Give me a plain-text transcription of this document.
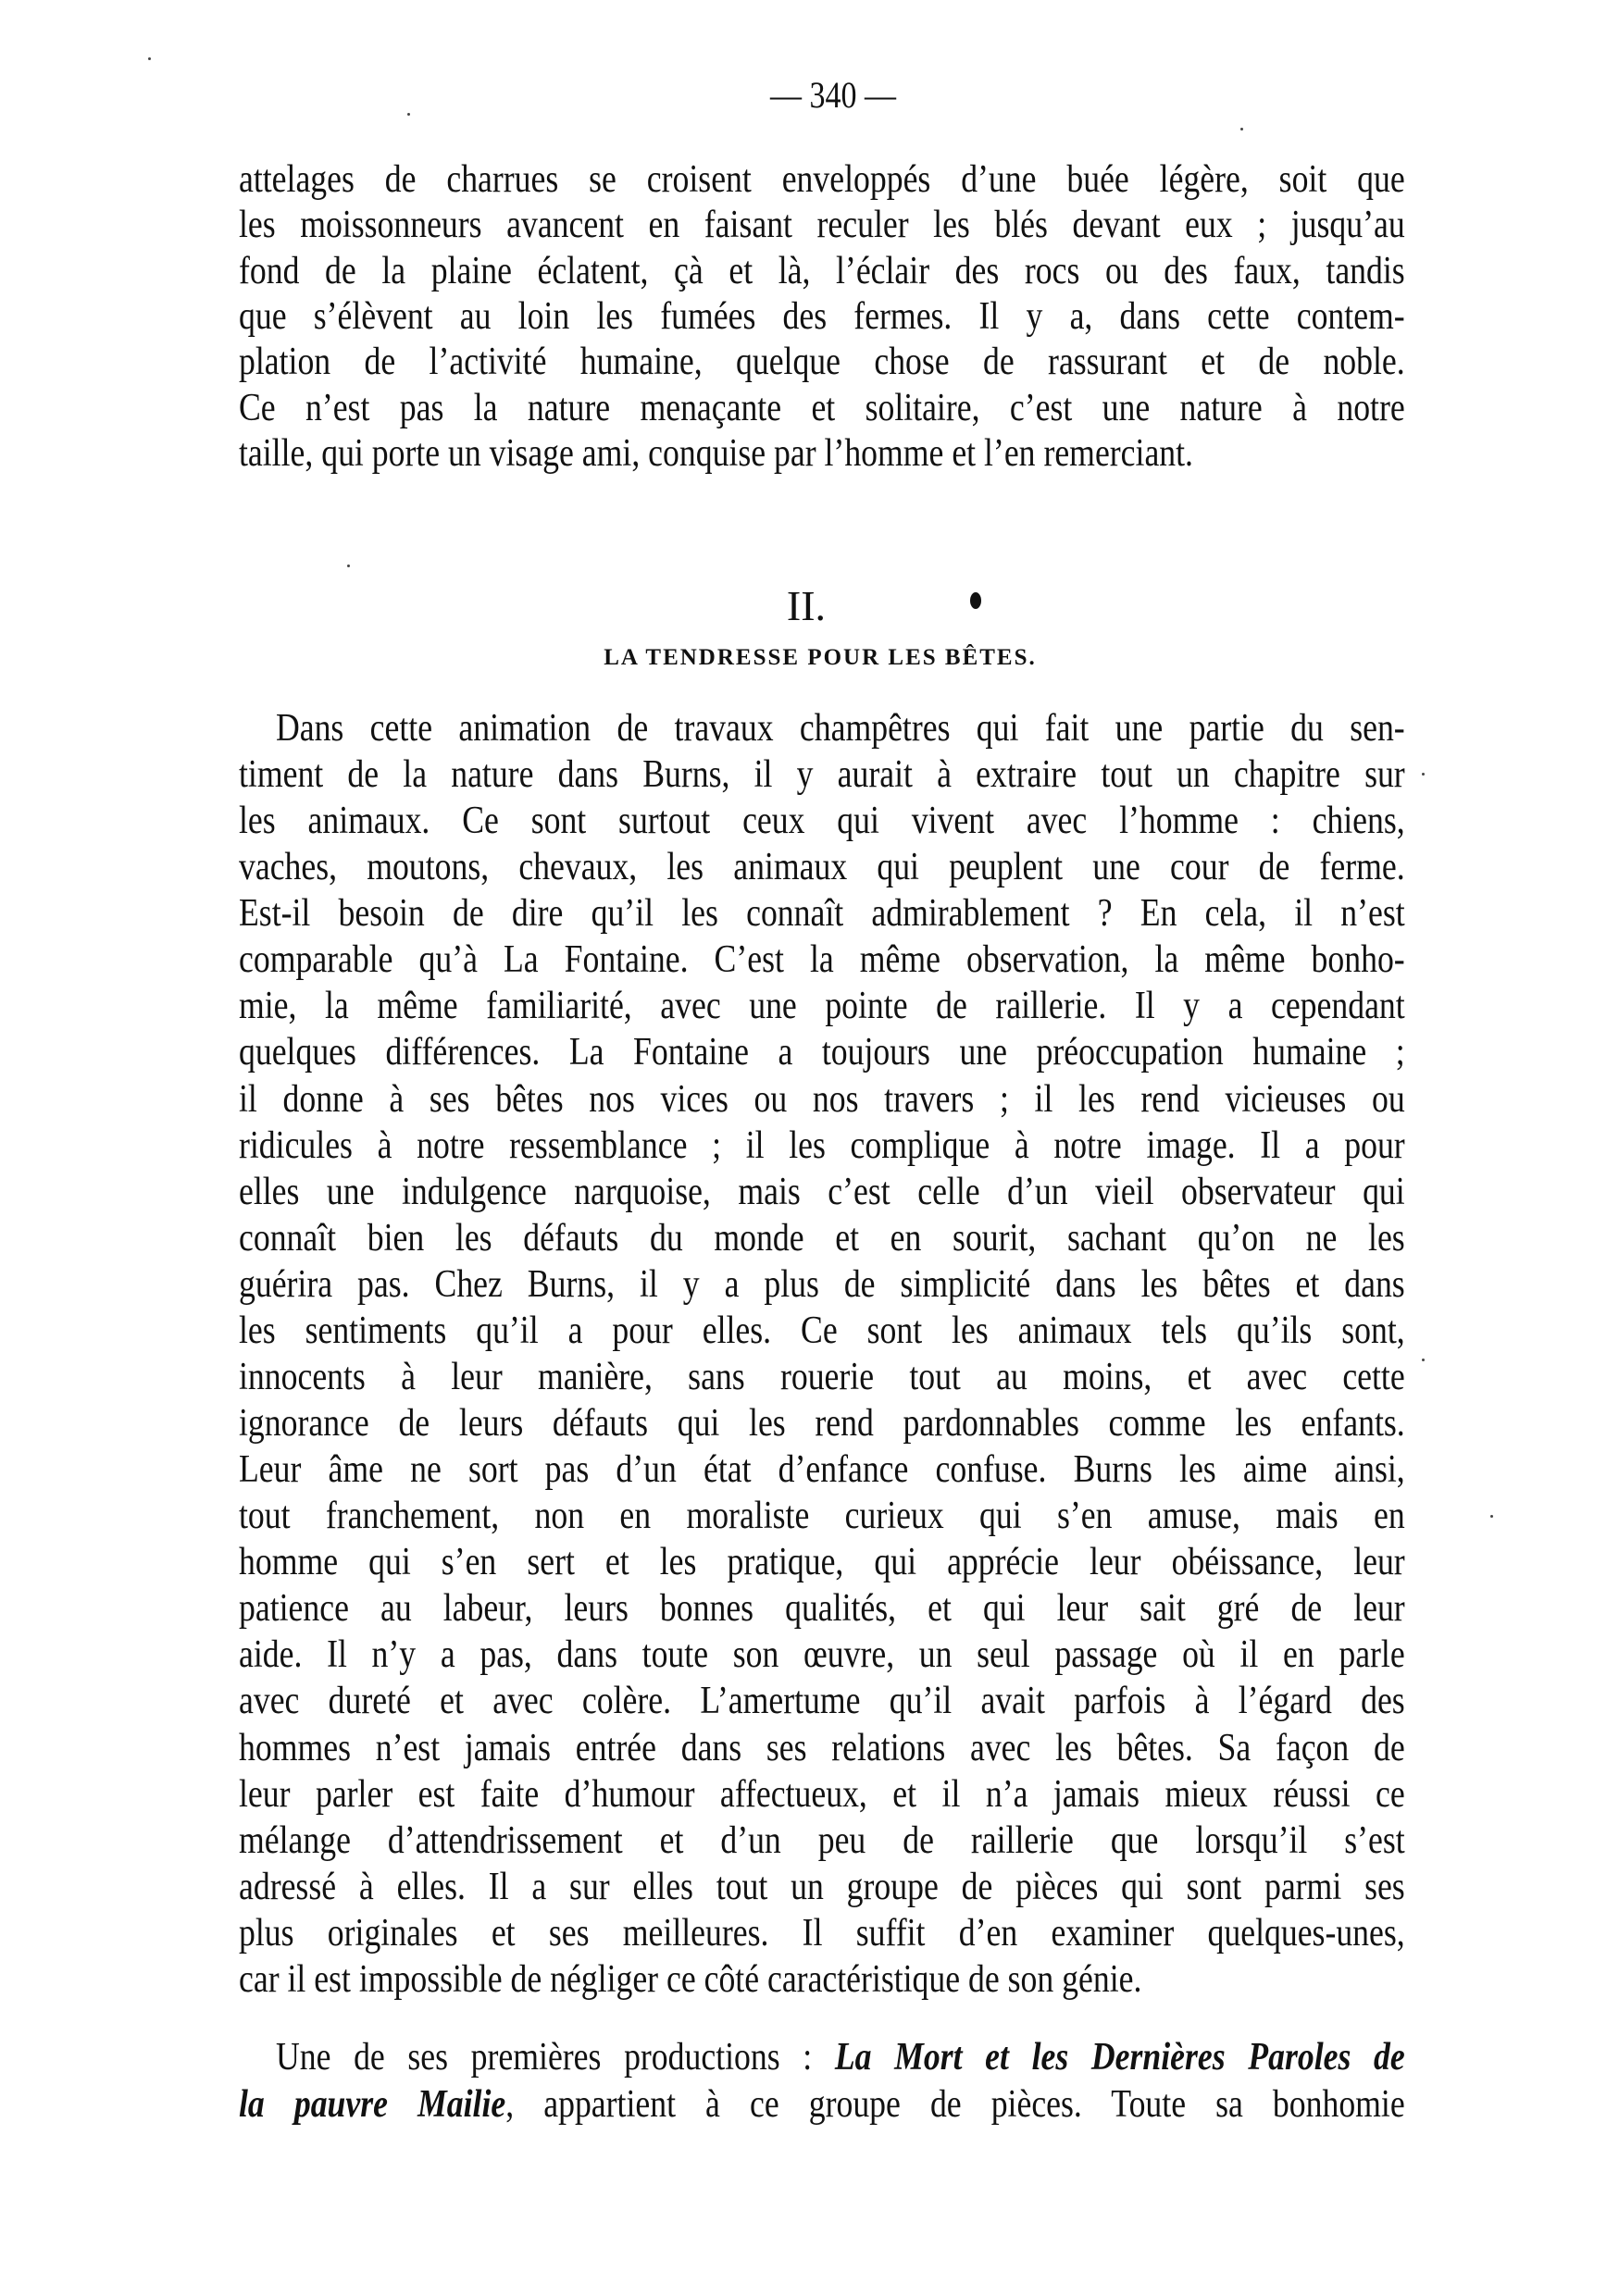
— 340 —
II.
LA TENDRESSE POUR LES BÊTES.
attelages de charrues se croisent enveloppés d’une buée légère, soit que
les moissonneurs avancent en faisant reculer les blés devant eux ; jusqu’au
fond de la plaine éclatent, çà et là, l’éclair des rocs ou des faux, tandis
que s’élèvent au loin les fumées des fermes. Il y a, dans cette contem-
plation de l’activité humaine, quelque chose de rassurant et de noble.
Ce n’est pas la nature menaçante et solitaire, c’est une nature à notre
taille, qui porte un visage ami, conquise par l’homme et l’en remerciant.
Dans cette animation de travaux champêtres qui fait une partie du sen-
timent de la nature dans Burns, il y aurait à extraire tout un chapitre sur
les animaux. Ce sont surtout ceux qui vivent avec l’homme : chiens,
vaches, moutons, chevaux, les animaux qui peuplent une cour de ferme.
Est-il besoin de dire qu’il les connaît admirablement ? En cela, il n’est
comparable qu’à La Fontaine. C’est la même observation, la même bonho-
mie, la même familiarité, avec une pointe de raillerie. Il y a cependant
quelques différences. La Fontaine a toujours une préoccupation humaine ;
il donne à ses bêtes nos vices ou nos travers ; il les rend vicieuses ou
ridicules à notre ressemblance ; il les complique à notre image. Il a pour
elles une indulgence narquoise, mais c’est celle d’un vieil observateur qui
connaît bien les défauts du monde et en sourit, sachant qu’on ne les
guérira pas. Chez Burns, il y a plus de simplicité dans les bêtes et dans
les sentiments qu’il a pour elles. Ce sont les animaux tels qu’ils sont,
innocents à leur manière, sans rouerie tout au moins, et avec cette
ignorance de leurs défauts qui les rend pardonnables comme les enfants.
Leur âme ne sort pas d’un état d’enfance confuse. Burns les aime ainsi,
tout franchement, non en moraliste curieux qui s’en amuse, mais en
homme qui s’en sert et les pratique, qui apprécie leur obéissance, leur
patience au labeur, leurs bonnes qualités, et qui leur sait gré de leur
aide. Il n’y a pas, dans toute son œuvre, un seul passage où il en parle
avec dureté et avec colère. L’amertume qu’il avait parfois à l’égard des
hommes n’est jamais entrée dans ses relations avec les bêtes. Sa façon de
leur parler est faite d’humour affectueux, et il n’a jamais mieux réussi ce
mélange d’attendrissement et d’un peu de raillerie que lorsqu’il s’est
adressé à elles. Il a sur elles tout un groupe de pièces qui sont parmi ses
plus originales et ses meilleures. Il suffit d’en examiner quelques-unes,
car il est impossible de négliger ce côté caractéristique de son génie.
Une de ses premières productions : La Mort et les Dernières Paroles de
la pauvre Mailie, appartient à ce groupe de pièces. Toute sa bonhomie
